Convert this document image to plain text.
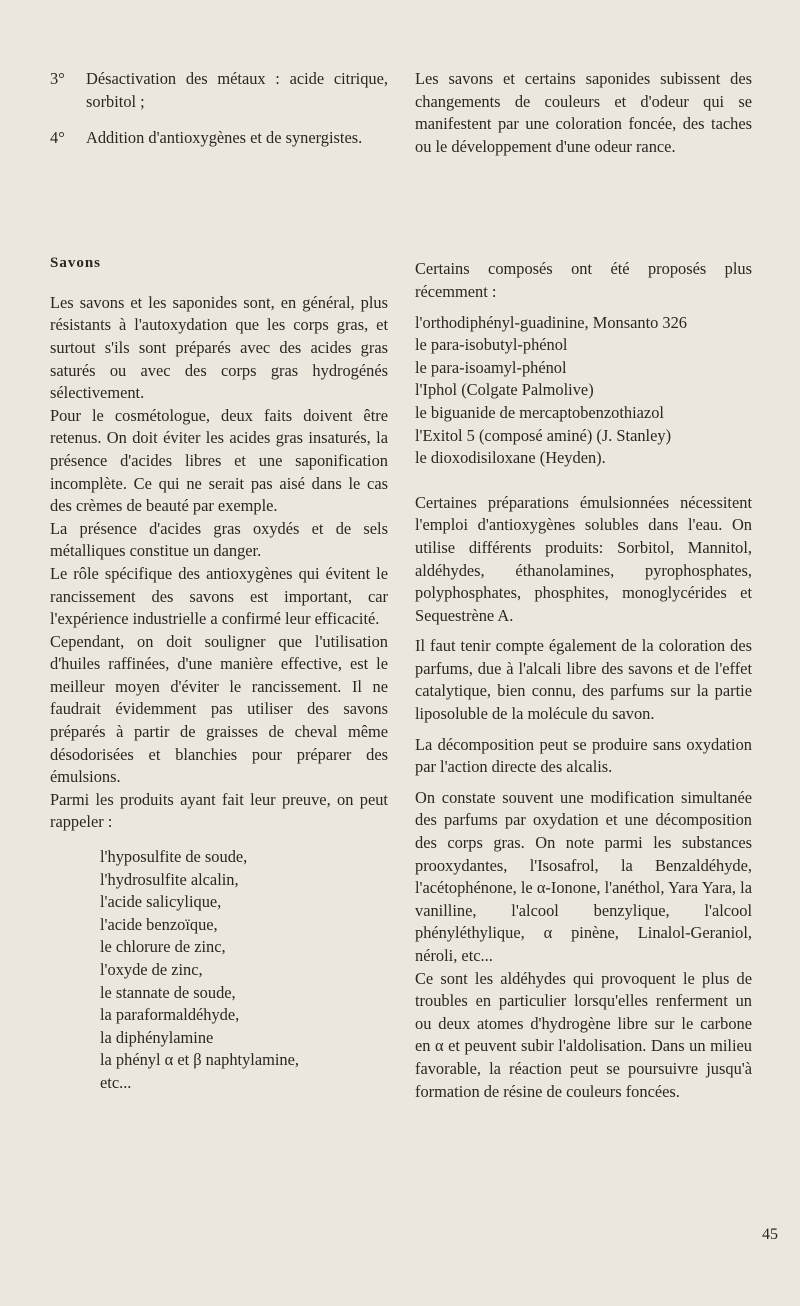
3° Désactivation des métaux : acide citrique, sorbitol ;
4° Addition d'antioxygènes et de synergistes.
Savons

Les savons et les saponides sont, en général, plus résistants à l'autoxydation que les corps gras, et surtout s'ils sont préparés avec des acides gras saturés ou avec des corps gras hydrogénés sélectivement.

Pour le cosmétologue, deux faits doivent être retenus. On doit éviter les acides gras insaturés, la présence d'acides libres et une saponification incomplète. Ce qui ne serait pas aisé dans le cas des crèmes de beauté par exemple.

La présence d'acides gras oxydés et de sels métalliques constitue un danger.

Le rôle spécifique des antioxygènes qui évitent le rancissement des savons est important, car l'expérience industrielle a confirmé leur efficacité.

Cependant, on doit souligner que l'utilisation d'huiles raffinées, d'une manière effective, est le meilleur moyen d'éviter le rancissement. Il ne faudrait évidemment pas utiliser des savons préparés à partir de graisses de cheval même désodorisées et blanchies pour préparer des émulsions.

Parmi les produits ayant fait leur preuve, on peut rappeler :

l'hyposulfite de soude,
l'hydrosulfite alcalin,
l'acide salicylique,
l'acide benzoïque,
le chlorure de zinc,
l'oxyde de zinc,
le stannate de soude,
la paraformaldéhyde,
la diphénylamine
la phényl α et β naphtylamine,
etc...

Les savons et certains saponides subissent des changements de couleurs et d'odeur qui se manifestent par une coloration foncée, des taches ou le développement d'une odeur rance.

Certains composés ont été proposés plus récemment :

l'orthodiphényl-guadinine, Monsanto 326
le para-isobutyl-phénol
le para-isoamyl-phénol
l'Iphol (Colgate Palmolive)
le biguanide de mercaptobenzothiazol
l'Exitol 5 (composé aminé) (J. Stanley)
le dioxodisiloxane (Heyden).

Certaines préparations émulsionnées nécessitent l'emploi d'antioxygènes solubles dans l'eau. On utilise différents produits: Sorbitol, Mannitol, aldéhydes, éthanolamines, pyrophosphates, polyphosphates, phosphites, monoglycérides et Sequestrène A.

Il faut tenir compte également de la coloration des parfums, due à l'alcali libre des savons et de l'effet catalytique, bien connu, des parfums sur la partie liposoluble de la molécule du savon.

La décomposition peut se produire sans oxydation par l'action directe des alcalis.

On constate souvent une modification simultanée des parfums par oxydation et une décomposition des corps gras. On note parmi les substances prooxydantes, l'Isosafrol, la Benzaldéhyde, l'acétophénone, le α-Ionone, l'anéthol, Yara Yara, la vanilline, l'alcool benzylique, l'alcool phényléthylique, α pinène, Linalol-Geraniol, néroli, etc...

Ce sont les aldéhydes qui provoquent le plus de troubles en particulier lorsqu'elles renferment un ou deux atomes d'hydrogène libre sur le carbone en α et peuvent subir l'aldolisation. Dans un milieu favorable, la réaction peut se poursuivre jusqu'à formation de résine de couleurs foncées.

45
